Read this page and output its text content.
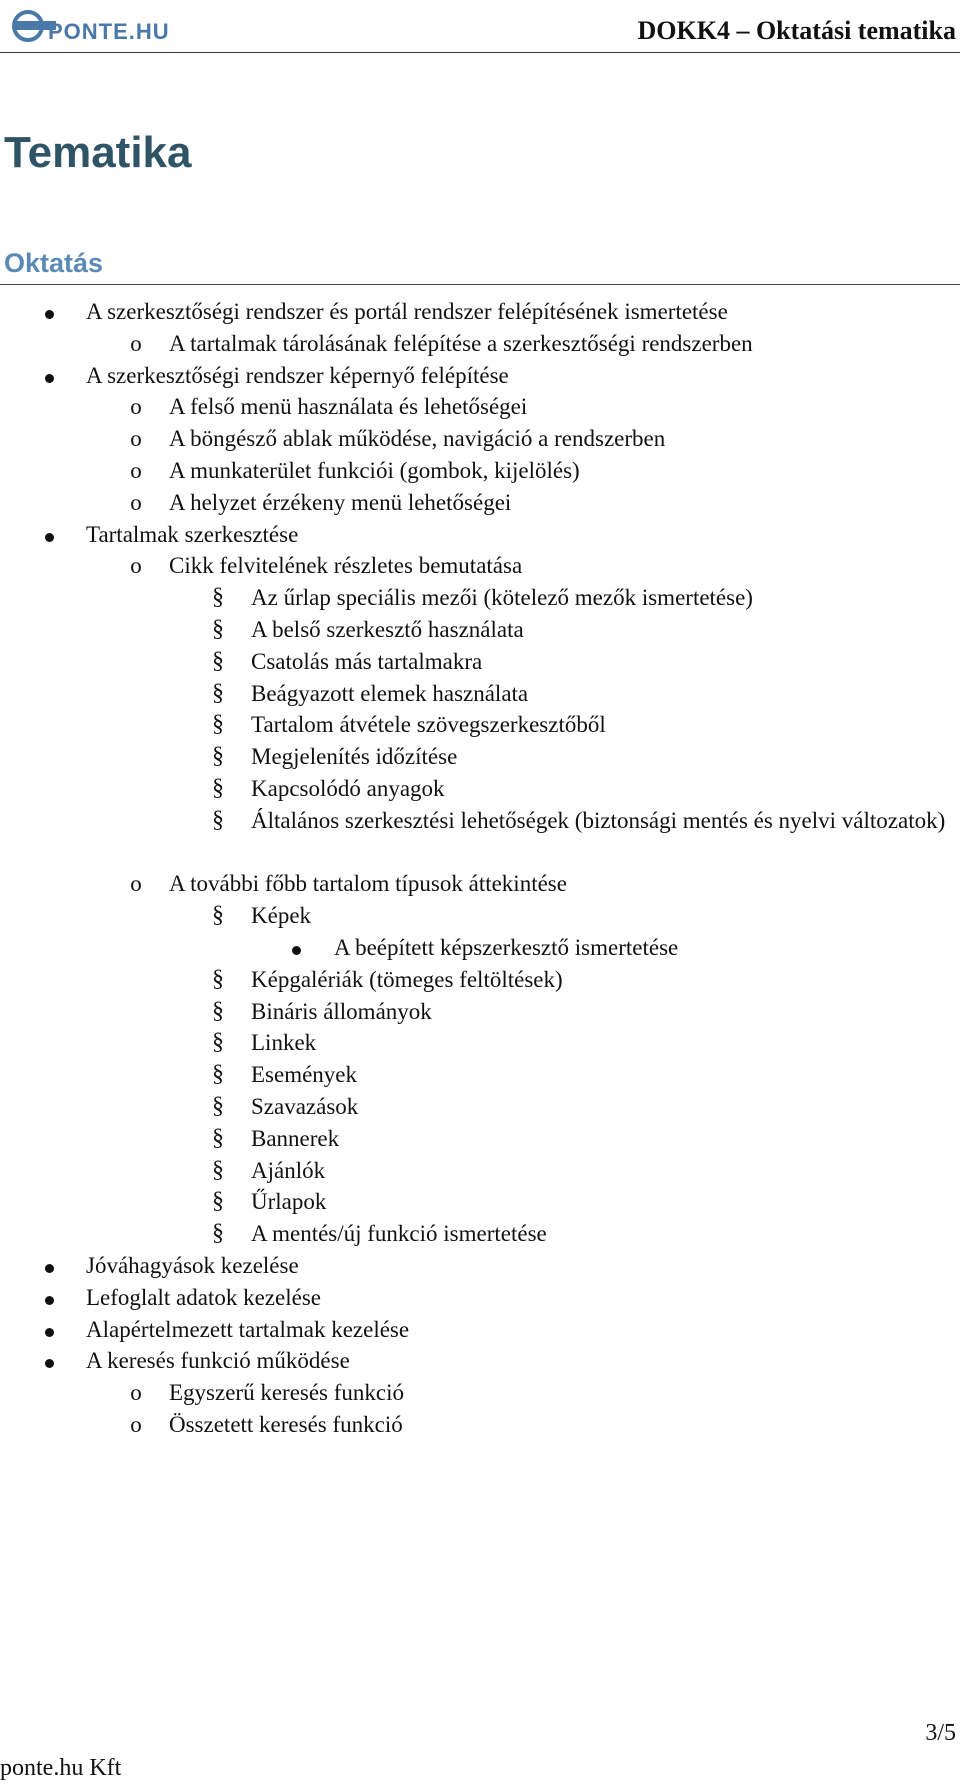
PONTE.HU	DOKK4 – Oktatási tematika
Tematika
Oktatás
A szerkesztőségi rendszer és portál rendszer felépítésének ismertetése
o A tartalmak tárolásának felépítése a szerkesztőségi rendszerben
A szerkesztőségi rendszer képernyő felépítése
o A felső menü használata és lehetőségei
o A böngésző ablak működése, navigáció a rendszerben
o A munkaterület funkciói (gombok, kijelölés)
o A helyzet érzékeny menü lehetőségei
Tartalmak szerkesztése
o Cikk felvitelének részletes bemutatása
§ Az űrlap speciális mezői (kötelező mezők ismertetése)
§ A belső szerkesztő használata
§ Csatolás más tartalmakra
§ Beágyazott elemek használata
§ Tartalom átvétele szövegszerkesztőből
§ Megjelenítés időzítése
§ Kapcsolódó anyagok
§ Általános szerkesztési lehetőségek (biztonsági mentés és nyelvi változatok)
o A további főbb tartalom típusok áttekintése
§ Képek
A beépített képszerkesztő ismertetése
§ Képgalériák (tömeges feltöltések)
§ Bináris állományok
§ Linkek
§ Események
§ Szavazások
§ Bannerek
§ Ajánlók
§ Űrlapok
§ A mentés/új funkció ismertetése
Jóváhagyások kezelése
Lefoglalt adatok kezelése
Alapértelmezett tartalmak kezelése
A keresés funkció működése
o Egyszerű keresés funkció
o Összetett keresés funkció
3/5
ponte.hu Kft
